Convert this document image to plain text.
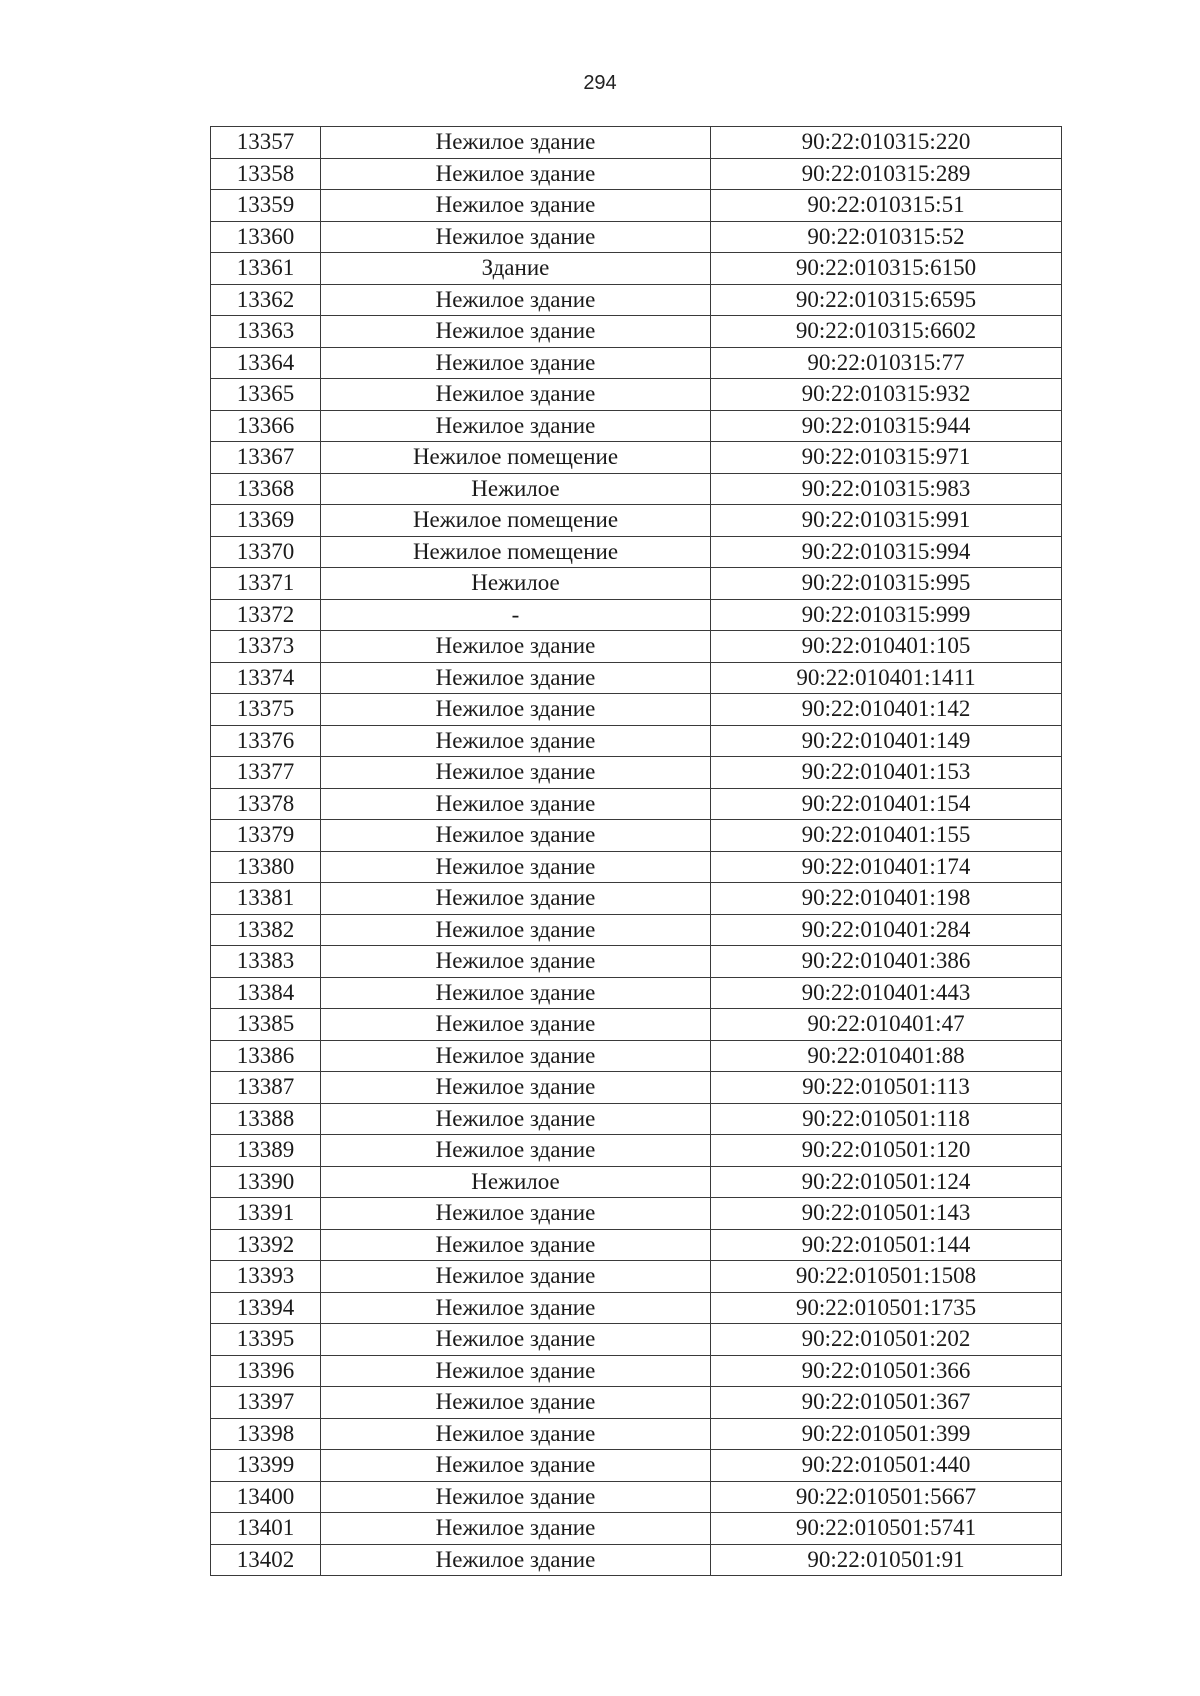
294
13357	Нежилое здание	90:22:010315:220
13358	Нежилое здание	90:22:010315:289
13359	Нежилое здание	90:22:010315:51
13360	Нежилое здание	90:22:010315:52
13361	Здание	90:22:010315:6150
13362	Нежилое здание	90:22:010315:6595
13363	Нежилое здание	90:22:010315:6602
13364	Нежилое здание	90:22:010315:77
13365	Нежилое здание	90:22:010315:932
13366	Нежилое здание	90:22:010315:944
13367	Нежилое помещение	90:22:010315:971
13368	Нежилое	90:22:010315:983
13369	Нежилое помещение	90:22:010315:991
13370	Нежилое помещение	90:22:010315:994
13371	Нежилое	90:22:010315:995
13372	-	90:22:010315:999
13373	Нежилое здание	90:22:010401:105
13374	Нежилое здание	90:22:010401:1411
13375	Нежилое здание	90:22:010401:142
13376	Нежилое здание	90:22:010401:149
13377	Нежилое здание	90:22:010401:153
13378	Нежилое здание	90:22:010401:154
13379	Нежилое здание	90:22:010401:155
13380	Нежилое здание	90:22:010401:174
13381	Нежилое здание	90:22:010401:198
13382	Нежилое здание	90:22:010401:284
13383	Нежилое здание	90:22:010401:386
13384	Нежилое здание	90:22:010401:443
13385	Нежилое здание	90:22:010401:47
13386	Нежилое здание	90:22:010401:88
13387	Нежилое здание	90:22:010501:113
13388	Нежилое здание	90:22:010501:118
13389	Нежилое здание	90:22:010501:120
13390	Нежилое	90:22:010501:124
13391	Нежилое здание	90:22:010501:143
13392	Нежилое здание	90:22:010501:144
13393	Нежилое здание	90:22:010501:1508
13394	Нежилое здание	90:22:010501:1735
13395	Нежилое здание	90:22:010501:202
13396	Нежилое здание	90:22:010501:366
13397	Нежилое здание	90:22:010501:367
13398	Нежилое здание	90:22:010501:399
13399	Нежилое здание	90:22:010501:440
13400	Нежилое здание	90:22:010501:5667
13401	Нежилое здание	90:22:010501:5741
13402	Нежилое здание	90:22:010501:91
